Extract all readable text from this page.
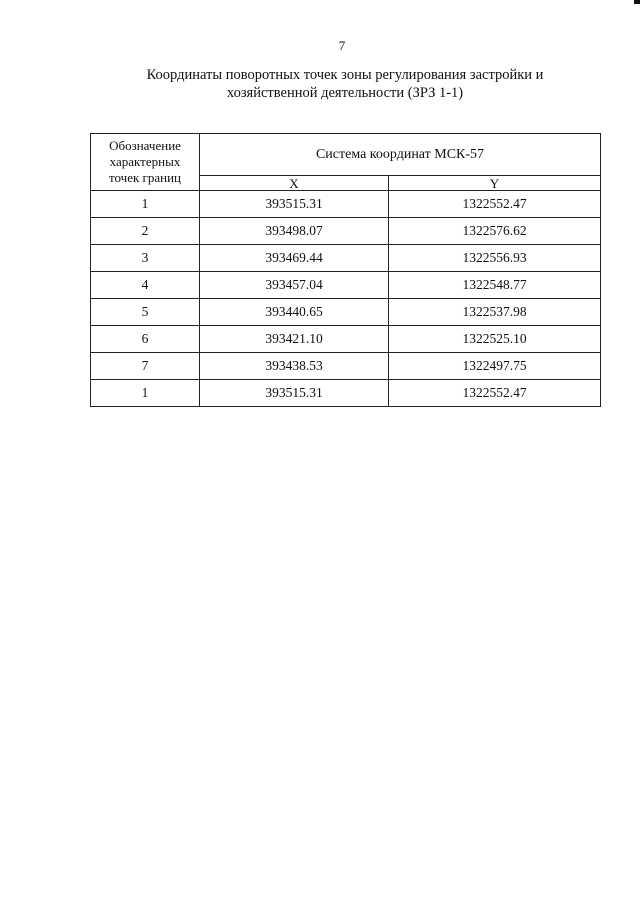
7
Координаты поворотных точек зоны регулирования застройки и
хозяйственной деятельности (ЗРЗ 1-1)
Обозначение
характерных
точек границ	Система координат МСК-57	
	X	Y
1	393515.31	1322552.47
2	393498.07	1322576.62
3	393469.44	1322556.93
4	393457.04	1322548.77
5	393440.65	1322537.98
6	393421.10	1322525.10
7	393438.53	1322497.75
1	393515.31	1322552.47
